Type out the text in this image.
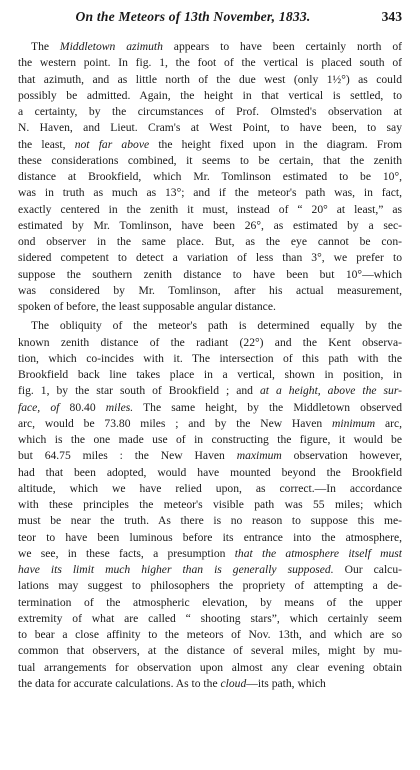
On the Meteors of 13th November, 1833.	343
The Middletown azimuth appears to have been certainly north of
the western point. In fig. 1, the foot of the vertical is placed south of
that azimuth, and as little north of the due west (only 1½°) as could
possibly be admitted. Again, the height in that vertical is settled, to
a certainty, by the circumstances of Prof. Olmsted's observation at
N. Haven, and Lieut. Cram's at West Point, to have been, to say
the least, not far above the height fixed upon in the diagram. From
these considerations combined, it seems to be certain, that the zenith
distance at Brookfield, which Mr. Tomlinson estimated to be 10°,
was in truth as much as 13°; and if the meteor's path was, in fact,
exactly centered in the zenith it must, instead of “ 20° at least,” as
estimated by Mr. Tomlinson, have been 26°, as estimated by a sec-
ond observer in the same place. But, as the eye cannot be con-
sidered competent to detect a variation of less than 3°, we prefer to
suppose the southern zenith distance to have been but 10°—which
was considered by Mr. Tomlinson, after his actual measurement,
spoken of before, the least supposable angular distance.
The obliquity of the meteor's path is determined equally by the
known zenith distance of the radiant (22°) and the Kent observa-
tion, which co-incides with it. The intersection of this path with the
Brookfield back line takes place in a vertical, shown in position, in
fig. 1, by the star south of Brookfield ; and at a height, above the sur-
face, of 80.40 miles. The same height, by the Middletown observed
arc, would be 73.80 miles ; and by the New Haven minimum arc,
which is the one made use of in constructing the figure, it would be
but 64.75 miles : the New Haven maximum observation however,
had that been adopted, would have mounted beyond the Brookfield
altitude, which we have relied upon, as correct.—In accordance
with these principles the meteor's visible path was 55 miles; which
must be near the truth. As there is no reason to suppose this me-
teor to have been luminous before its entrance into the atmosphere,
we see, in these facts, a presumption that the atmosphere itself must
have its limit much higher than is generally supposed. Our calcu-
lations may suggest to philosophers the propriety of attempting a de-
termination of the atmospheric elevation, by means of the upper
extremity of what are called “ shooting stars”, which certainly seem
to bear a close affinity to the meteors of Nov. 13th, and which are so
common that observers, at the distance of several miles, might by mu-
tual arrangements for observation upon almost any clear evening obtain
the data for accurate calculations. As to the cloud—its path, which
